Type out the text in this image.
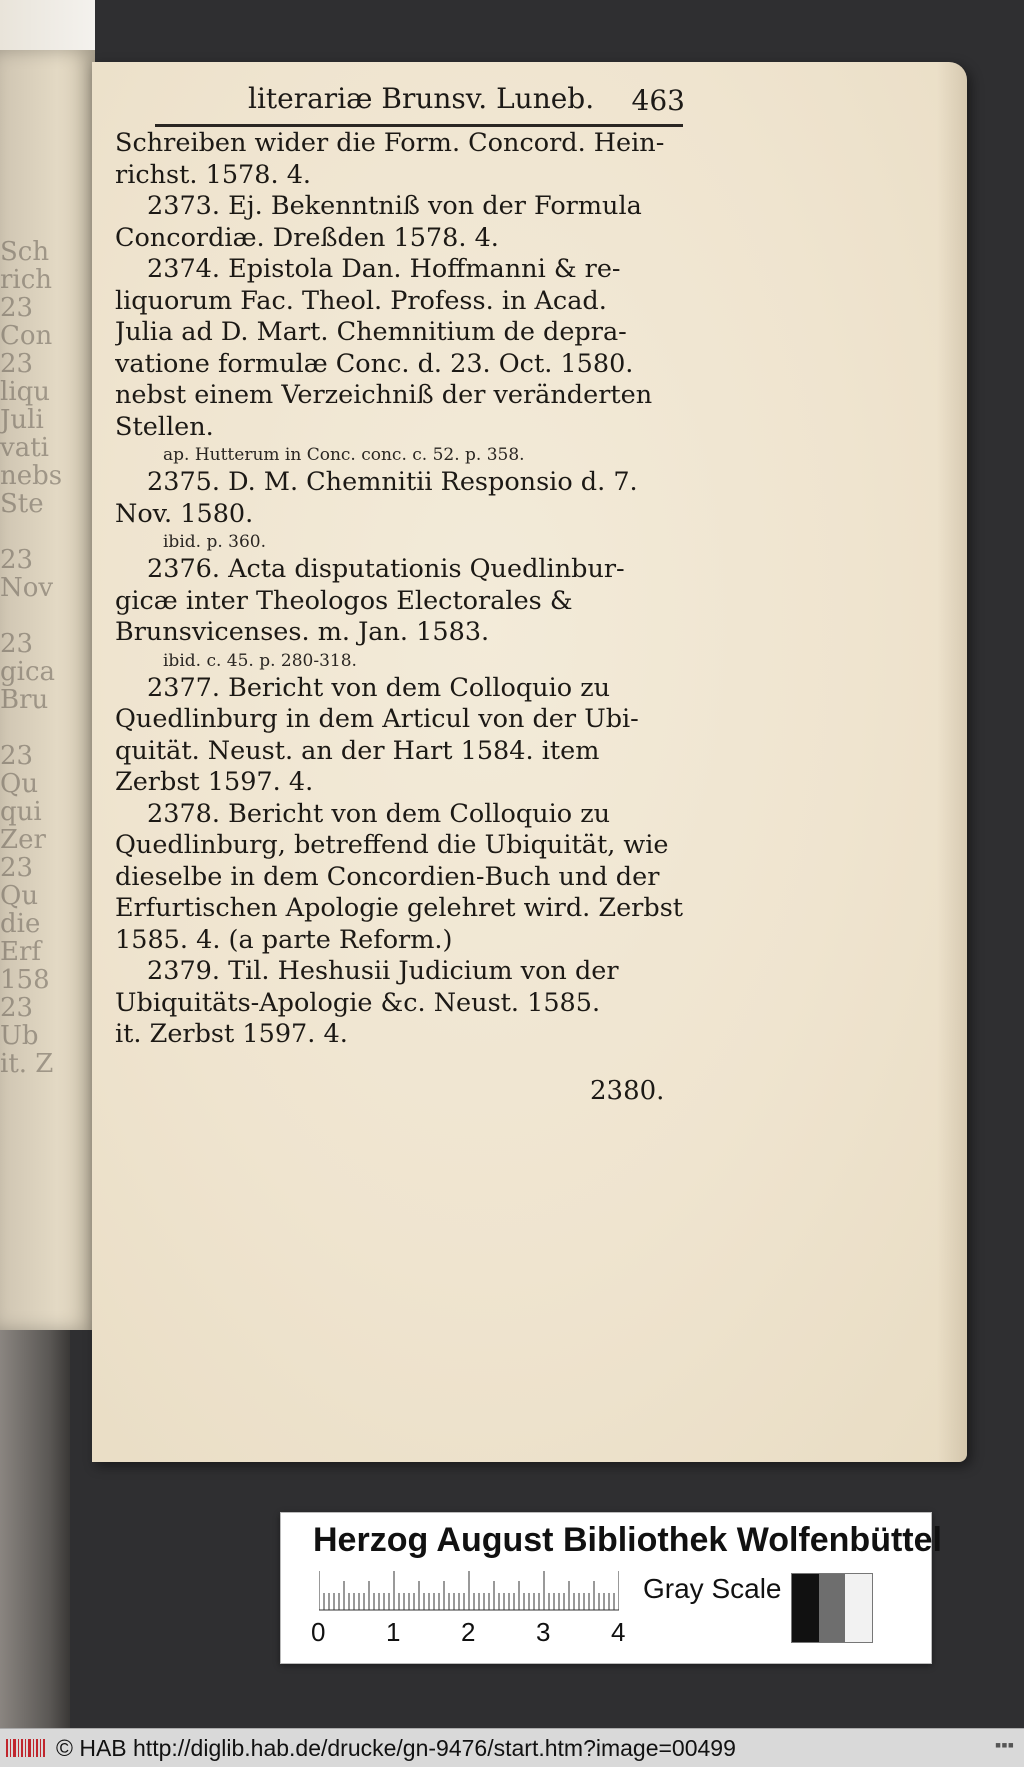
Sch
rich
23
Con
23
liqu
Juli
vati
nebs
Ste
23
Nov
23
gica
Bru
23
Qu
qui
Zer
23
Qu
die
Erf
158
23
Ub
it. Z
literariæ Brunsv. Luneb. 463
Schreiben wider die Form. Concord. Hein-
richst. 1578. 4.
2373. Ej. Bekenntniß von der Formula
Concordiæ. Dreßden 1578. 4.
2374. Epistola Dan. Hoffmanni & re-
liquorum Fac. Theol. Profess. in Acad.
Julia ad D. Mart. Chemnitium de depra-
vatione formulæ Conc. d. 23. Oct. 1580.
nebst einem Verzeichniß der veränderten
Stellen.
ap. Hutterum in Conc. conc. c. 52. p. 358.
2375. D. M. Chemnitii Responsio d. 7.
Nov. 1580.
ibid. p. 360.
2376. Acta disputationis Quedlinbur-
gicæ inter Theologos Electorales &
Brunsvicenses. m. Jan. 1583.
ibid. c. 45. p. 280-318.
2377. Bericht von dem Colloquio zu
Quedlinburg in dem Articul von der Ubi-
quität. Neust. an der Hart 1584. item
Zerbst 1597. 4.
2378. Bericht von dem Colloquio zu
Quedlinburg, betreffend die Ubiquität, wie
dieselbe in dem Concordien-Buch und der
Erfurtischen Apologie gelehret wird. Zerbst
1585. 4. (a parte Reform.)
2379. Til. Heshusii Judicium von der
Ubiquitäts-Apologie &c. Neust. 1585.
it. Zerbst 1597. 4.
2380.
Herzog August Bibliothek Wolfenbüttel
0 1 2 3 4
Gray Scale
© HAB http://diglib.hab.de/drucke/gn-9476/start.htm?image=00499	▪▪▪
